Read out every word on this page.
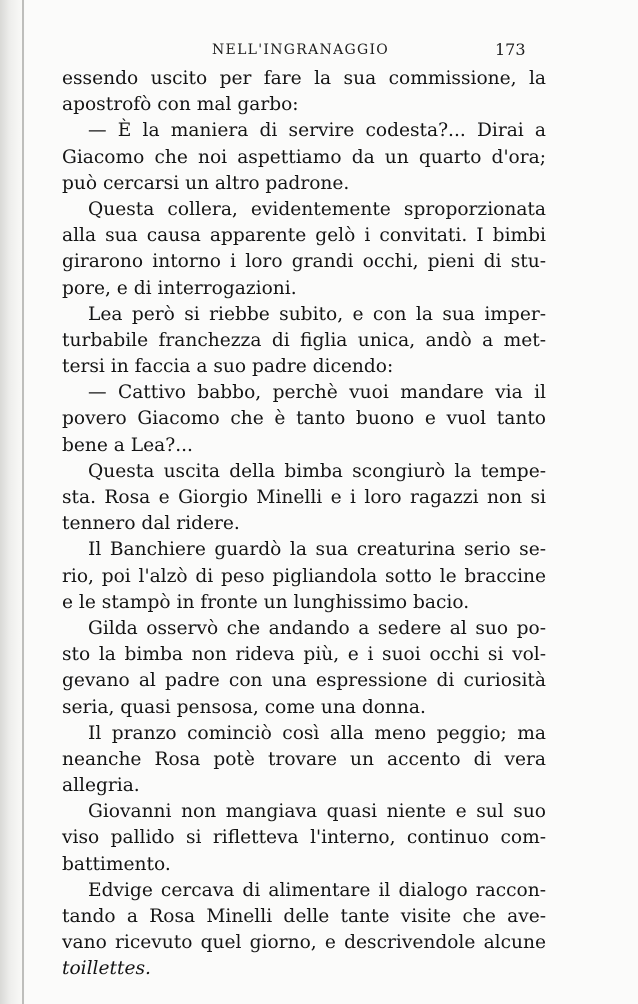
NELL'INGRANAGGIO	173
essendo uscito per fare la sua commissione, la
apostrofò con mal garbo:
— È la maniera di servire codesta?... Dirai a
Giacomo che noi aspettiamo da un quarto d'ora;
può cercarsi un altro padrone.
Questa collera, evidentemente sproporzionata
alla sua causa apparente gelò i convitati. I bimbi
girarono intorno i loro grandi occhi, pieni di stu-
pore, e di interrogazioni.
Lea però si riebbe subito, e con la sua imper-
turbabile franchezza di figlia unica, andò a met-
tersi in faccia a suo padre dicendo:
— Cattivo babbo, perchè vuoi mandare via il
povero Giacomo che è tanto buono e vuol tanto
bene a Lea?...
Questa uscita della bimba scongiurò la tempe-
sta. Rosa e Giorgio Minelli e i loro ragazzi non si
tennero dal ridere.
Il Banchiere guardò la sua creaturina serio se-
rio, poi l'alzò di peso pigliandola sotto le braccine
e le stampò in fronte un lunghissimo bacio.
Gilda osservò che andando a sedere al suo po-
sto la bimba non rideva più, e i suoi occhi si vol-
gevano al padre con una espressione di curiosità
seria, quasi pensosa, come una donna.
Il pranzo cominciò così alla meno peggio; ma
neanche Rosa potè trovare un accento di vera
allegria.
Giovanni non mangiava quasi niente e sul suo
viso pallido si rifletteva l'interno, continuo com-
battimento.
Edvige cercava di alimentare il dialogo raccon-
tando a Rosa Minelli delle tante visite che ave-
vano ricevuto quel giorno, e descrivendole alcune
toillettes.
